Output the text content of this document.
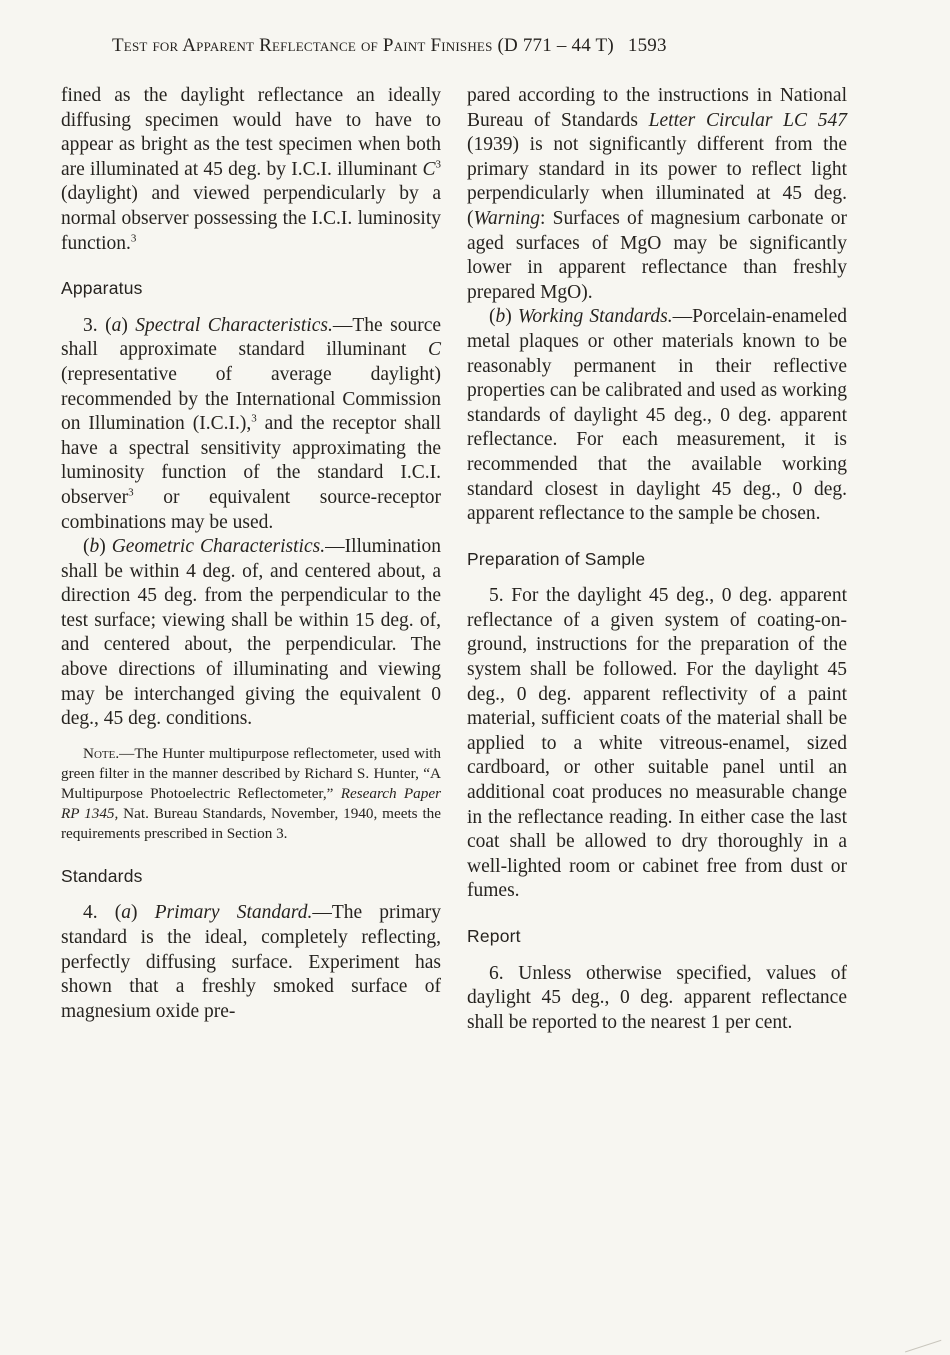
Test for Apparent Reflectance of Paint Finishes (D 771 – 44 T) 1593

fined as the daylight reflectance an ideally diffusing specimen would have to have to appear as bright as the test specimen when both are illuminated at 45 deg. by I.C.I. illuminant $C^3$ (daylight) and viewed perpendicularly by a normal observer possessing the I.C.I. luminosity function.$^3$

Apparatus

3. (a) Spectral Characteristics.—The source shall approximate standard illuminant C (representative of average daylight) recommended by the International Commission on Illumination (I.C.I.),$^3$ and the receptor shall have a spectral sensitivity approximating the luminosity function of the standard I.C.I. observer$^3$ or equivalent source-receptor combinations may be used.

(b) Geometric Characteristics.—Illumination shall be within 4 deg. of, and centered about, a direction 45 deg. from the perpendicular to the test surface; viewing shall be within 15 deg. of, and centered about, the perpendicular. The above directions of illuminating and viewing may be interchanged giving the equivalent 0 deg., 45 deg. conditions.

Note.—The Hunter multipurpose reflectometer, used with green filter in the manner described by Richard S. Hunter, “A Multipurpose Photoelectric Reflectometer,” Research Paper RP 1345, Nat. Bureau Standards, November, 1940, meets the requirements prescribed in Section 3.

Standards

4. (a) Primary Standard.—The primary standard is the ideal, completely reflecting, perfectly diffusing surface. Experiment has shown that a freshly smoked surface of magnesium oxide pre-

pared according to the instructions in National Bureau of Standards Letter Circular LC 547 (1939) is not significantly different from the primary standard in its power to reflect light perpendicularly when illuminated at 45 deg. (Warning: Surfaces of magnesium carbonate or aged surfaces of MgO may be significantly lower in apparent reflectance than freshly prepared MgO).

(b) Working Standards.—Porcelain-enameled metal plaques or other materials known to be reasonably permanent in their reflective properties can be calibrated and used as working standards of daylight 45 deg., 0 deg. apparent reflectance. For each measurement, it is recommended that the available working standard closest in daylight 45 deg., 0 deg. apparent reflectance to the sample be chosen.

Preparation of Sample

5. For the daylight 45 deg., 0 deg. apparent reflectance of a given system of coating-on-ground, instructions for the preparation of the system shall be followed. For the daylight 45 deg., 0 deg. apparent reflectivity of a paint material, sufficient coats of the material shall be applied to a white vitreous-enamel, sized cardboard, or other suitable panel until an additional coat produces no measurable change in the reflectance reading. In either case the last coat shall be allowed to dry thoroughly in a well-lighted room or cabinet free from dust or fumes.

Report

6. Unless otherwise specified, values of daylight 45 deg., 0 deg. apparent reflectance shall be reported to the nearest 1 per cent.
